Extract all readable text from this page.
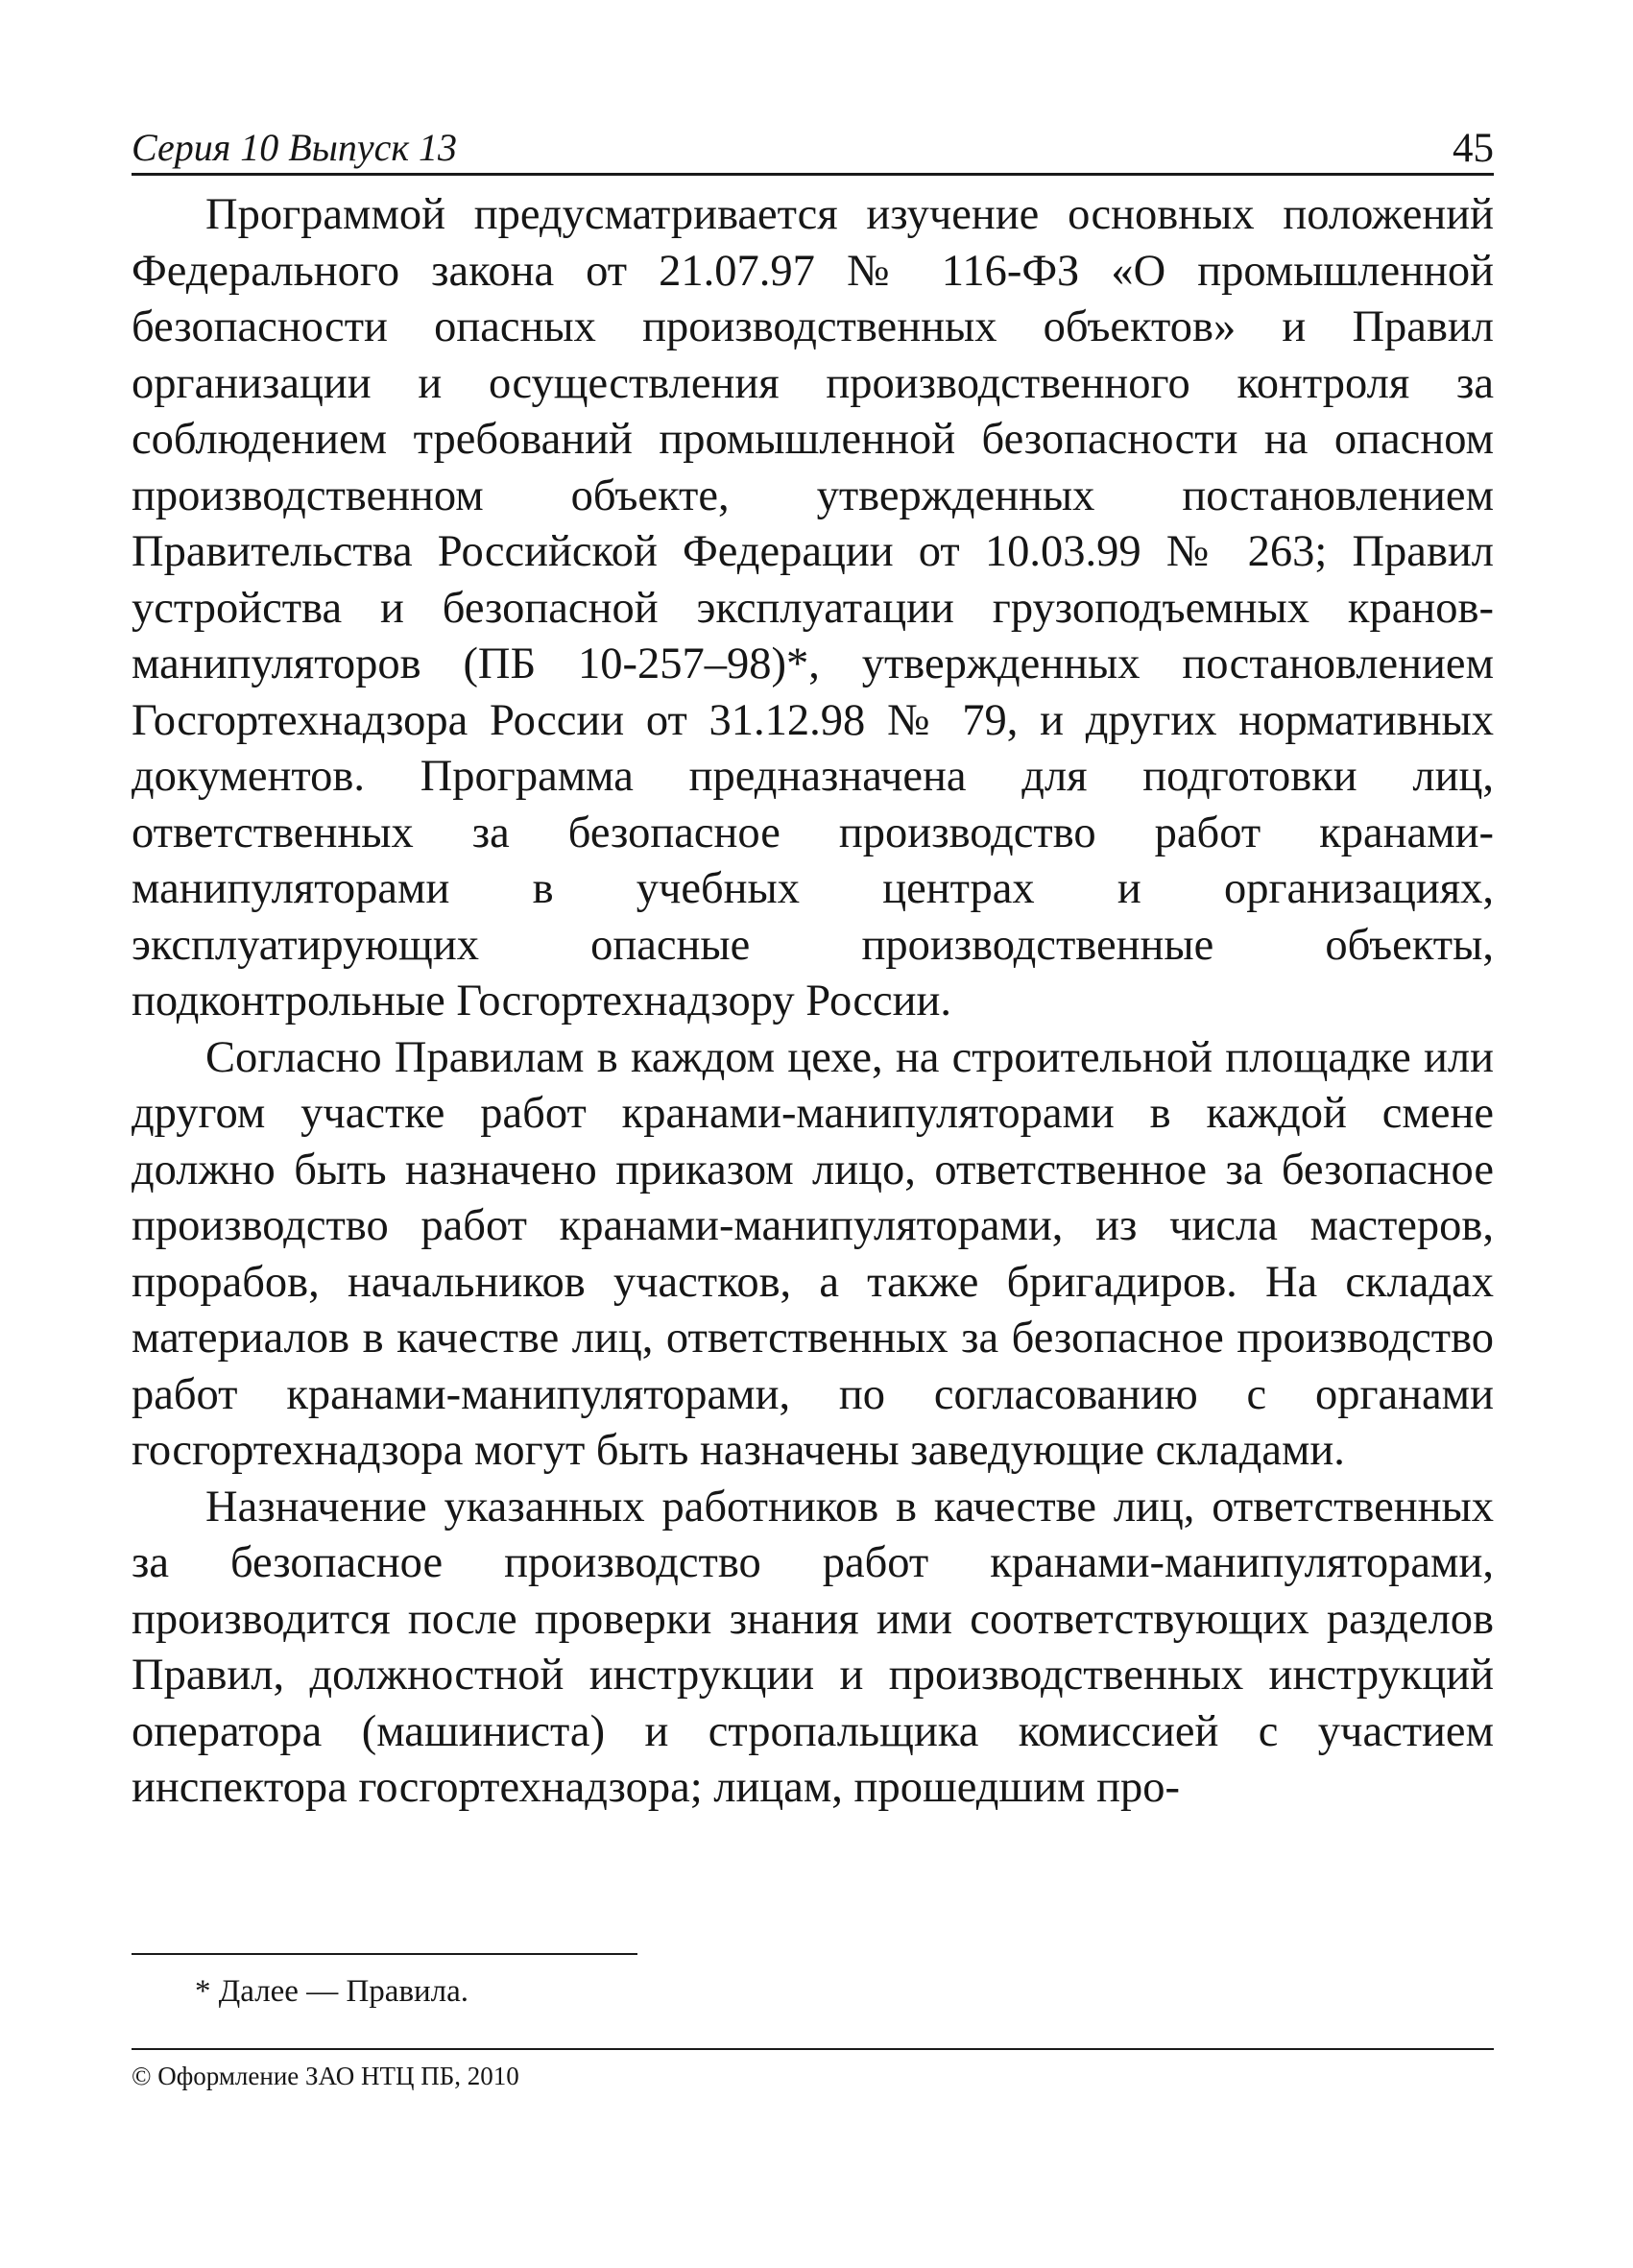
Серия 10 Выпуск 13	45

Программой предусматривается изучение основных положений Федерального закона от 21.07.97 № 116-ФЗ «О промышленной безопасности опасных производственных объектов» и Правил организации и осуществления производственного контроля за соблюдением требований промышленной безопасности на опасном производственном объекте, утвержденных постановлением Правительства Российской Федерации от 10.03.99 № 263; Правил устройства и безопасной эксплуатации грузоподъемных кранов-манипуляторов (ПБ 10-257–98)*, утвержденных постановлением Госгортехнадзора России от 31.12.98 № 79, и других нормативных документов. Программа предназначена для подготовки лиц, ответственных за безопасное производство работ кранами-манипуляторами в учебных центрах и организациях, эксплуатирующих опасные производственные объекты, подконтрольные Госгортехнадзору России.

Согласно Правилам в каждом цехе, на строительной площадке или другом участке работ кранами-манипуляторами в каждой смене должно быть назначено приказом лицо, ответственное за безопасное производство работ кранами-манипуляторами, из числа мастеров, прорабов, начальников участков, а также бригадиров. На складах материалов в качестве лиц, ответственных за безопасное производство работ кранами-манипуляторами, по согласованию с органами госгортехнадзора могут быть назначены заведующие складами.

Назначение указанных работников в качестве лиц, ответственных за безопасное производство работ кранами-манипуляторами, производится после проверки знания ими соответствующих разделов Правил, должностной инструкции и производственных инструкций оператора (машиниста) и стропальщика комиссией с участием инспектора госгортехнадзора; лицам, прошедшим про-

* Далее — Правила.

© Оформление ЗАО НТЦ ПБ, 2010
